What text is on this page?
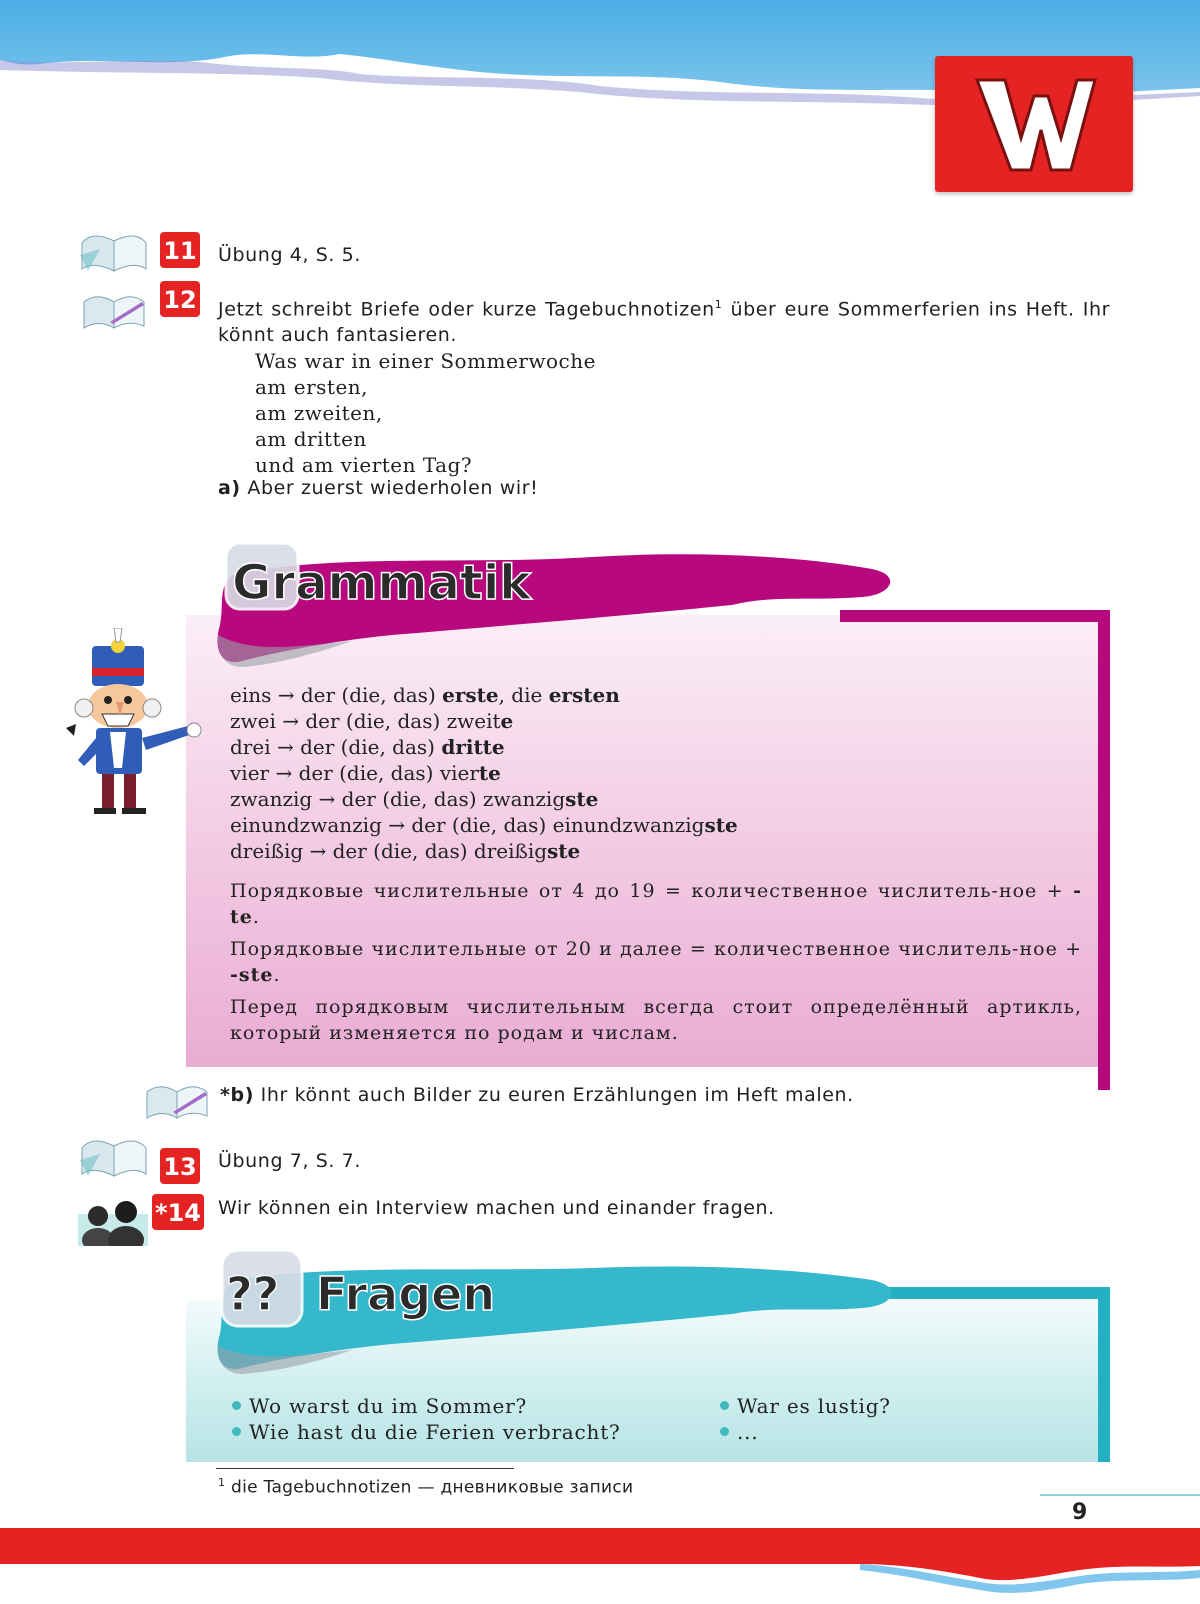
11 Übung 4, S. 5.
12 Jetzt schreibt Briefe oder kurze Tagebuchnotizen$^1$ über eure Sommerferien ins Heft. Ihr könnt auch fantasieren.
Was war in einer Sommerwoche
am ersten,
am zweiten,
am dritten
und am vierten Tag?
a) Aber zuerst wiederholen wir!
Grammatik
eins → der (die, das) erste, die ersten
zwei → der (die, das) zweite
drei → der (die, das) dritte
vier → der (die, das) vierte
zwanzig → der (die, das) zwanzigste
einundzwanzig → der (die, das) einundzwanzigste
dreißig → der (die, das) dreißigste
Порядковые числительные от 4 до 19 = количественное числитель-ное + -te.
Порядковые числительные от 20 и далее = количественное числитель-ное + -ste.
Перед порядковым числительным всегда стоит определённый артикль, который изменяется по родам и числам.
*b) Ihr könnt auch Bilder zu euren Erzählungen im Heft malen.
13 Übung 7, S. 7.
*14 Wir können ein Interview machen und einander fragen.
?? Fragen
Wo warst du im Sommer?
Wie hast du die Ferien verbracht?
War es lustig?
...
$^1$ die Tagebuchnotizen — дневниковые записи
9
